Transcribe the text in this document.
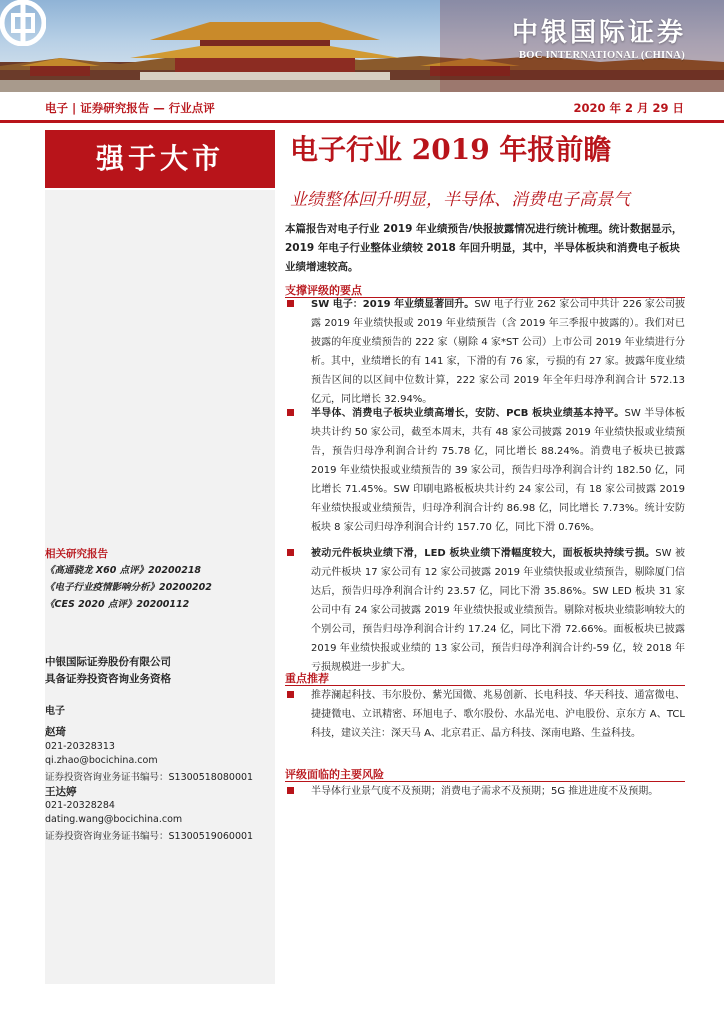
中银国际证券
BOC INTERNATIONAL (CHINA)
电子 | 证券研究报告 — 行业点评	2020 年 2 月 29 日
强于大市
相关研究报告
《高通骁龙 X60 点评》20200218
《电子行业疫情影响分析》20200202
《CES 2020 点评》20200112
中银国际证券股份有限公司
具备证券投资咨询业务资格
电子
赵琦
021-20328313
qi.zhao@bocichina.com
证券投资咨询业务证书编号：S1300518080001
王达婷
021-20328284
dating.wang@bocichina.com
证券投资咨询业务证书编号：S1300519060001
电子行业 2019 年报前瞻
业绩整体回升明显，半导体、消费电子高景气
本篇报告对电子行业 2019 年业绩预告/快报披露情况进行统计梳理。统计数据显示，2019 年电子行业整体业绩较 2018 年回升明显，其中，半导体板块和消费电子板块业绩增速较高。
支撑评级的要点
SW 电子：2019 年业绩显著回升。SW 电子行业 262 家公司中共计 226 家公司披露 2019 年业绩快报或 2019 年业绩预告（含 2019 年三季报中披露的）。我们对已披露的年度业绩预告的 222 家（剔除 4 家*ST 公司）上市公司 2019 年业绩进行分析。其中，业绩增长的有 141 家，下滑的有 76 家，亏损的有 27 家。披露年度业绩预告区间的以区间中位数计算，222 家公司 2019 年全年归母净利润合计 572.13 亿元，同比增长 32.94%。
半导体、消费电子板块业绩高增长，安防、PCB 板块业绩基本持平。SW 半导体板块共计约 50 家公司，截至本周末，共有 48 家公司披露 2019 年业绩快报或业绩预告，预告归母净利润合计约 75.78 亿，同比增长 88.24%。消费电子板块已披露 2019 年业绩快报或业绩预告的 39 家公司，预告归母净利润合计约 182.50 亿，同比增长 71.45%。SW 印刷电路板板块共计约 24 家公司，有 18 家公司披露 2019 年业绩快报或业绩预告，归母净利润合计约 86.98 亿，同比增长 7.73%。统计安防板块 8 家公司归母净利润合计约 157.70 亿，同比下滑 0.76%。
被动元件板块业绩下滑，LED 板块业绩下滑幅度较大，面板板块持续亏损。SW 被动元件板块 17 家公司有 12 家公司披露 2019 年业绩快报或业绩预告，剔除厦门信达后，预告归母净利润合计约 23.57 亿，同比下滑 35.86%。SW LED 板块 31 家公司中有 24 家公司披露 2019 年业绩快报或业绩预告。剔除对板块业绩影响较大的个别公司，预告归母净利润合计约 17.24 亿，同比下滑 72.66%。面板板块已披露 2019 年业绩快报或业绩的 13 家公司，预告归母净利润合计约-59 亿，较 2018 年亏损规模进一步扩大。
重点推荐
推荐澜起科技、韦尔股份、紫光国微、兆易创新、长电科技、华天科技、通富微电、捷捷微电、立讯精密、环旭电子、歌尔股份、水晶光电、沪电股份、京东方 A、TCL 科技，建议关注：深天马 A、北京君正、晶方科技、深南电路、生益科技。
评级面临的主要风险
半导体行业景气度不及预期；消费电子需求不及预期；5G 推进进度不及预期。
